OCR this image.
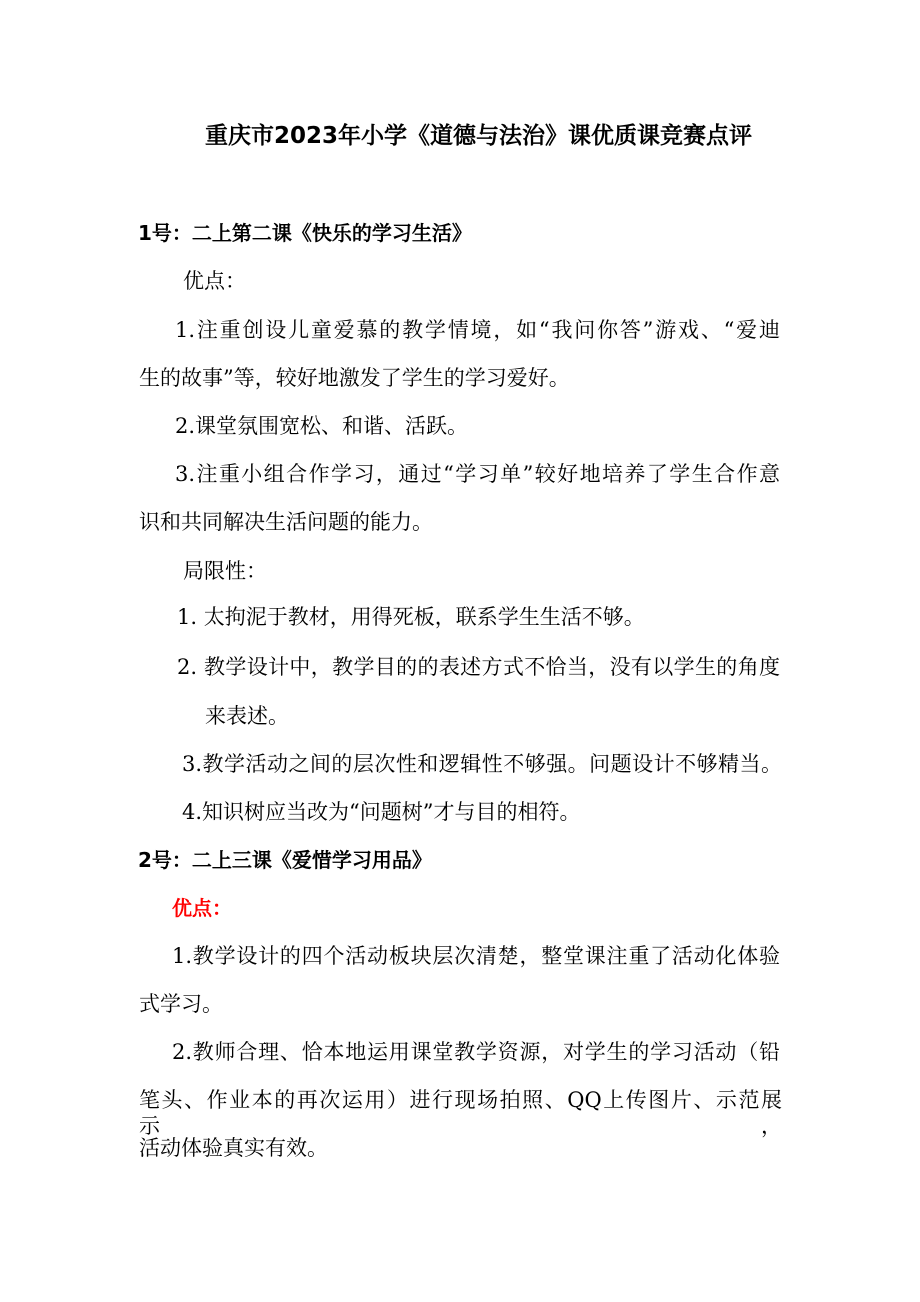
重庆市2023年小学《道德与法治》课优质课竞赛点评
1号：二上第二课《快乐的学习生活》
优点：
1.注重创设儿童爱慕的教学情境，如“我问你答”游戏、“爱迪
生的故事”等，较好地激发了学生的学习爱好。
2.课堂氛围宽松、和谐、活跃。
3.注重小组合作学习，通过“学习单”较好地培养了学生合作意
识和共同解决生活问题的能力。
局限性：
1. 太拘泥于教材，用得死板，联系学生生活不够。
2. 教学设计中，教学目的的表述方式不恰当，没有以学生的角度
来表述。
3.教学活动之间的层次性和逻辑性不够强。问题设计不够精当。
4.知识树应当改为“问题树”才与目的相符。
2号：二上三课《爱惜学习用品》
优点：
1.教学设计的四个活动板块层次清楚，整堂课注重了活动化体验
式学习。
2.教师合理、恰本地运用课堂教学资源，对学生的学习活动（铅
笔头、作业本的再次运用）进行现场拍照、QQ上传图片、示范展示，
活动体验真实有效。
